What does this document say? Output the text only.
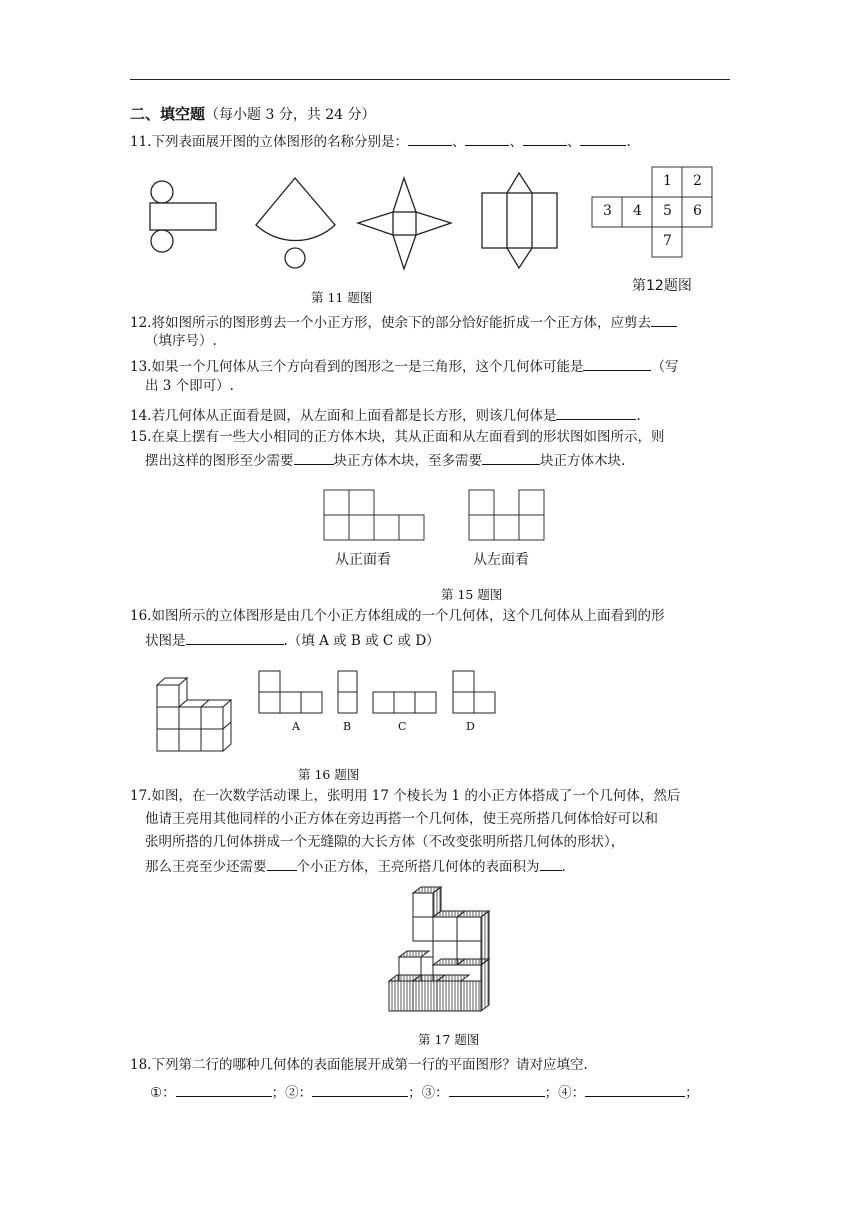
二、填空题（每小题 3 分，共 24 分）
11.下列表面展开图的立体图形的名称分别是：	、	、	、	.
第 11 题图
1 2
3 4 5 6
7
第12题图
12.将如图所示的图形剪去一个小正方形，使余下的部分恰好能折成一个正方体，应剪去
（填序号）.
13.如果一个几何体从三个方向看到的图形之一是三角形，这个几何体可能是	（写
出 3 个即可）.
14.若几何体从正面看是圆，从左面和上面看都是长方形，则该几何体是	.
15.在桌上摆有一些大小相同的正方体木块，其从正面和从左面看到的形状图如图所示，则
摆出这样的图形至少需要	块正方体木块，至多需要	块正方体木块.
从正面看	从左面看
第 15 题图
16.如图所示的立体图形是由几个小正方体组成的一个几何体，这个几何体从上面看到的形
状图是	.（填 A 或 B 或 C 或 D）
A	B	C	D
第 16 题图
17.如图，在一次数学活动课上，张明用 17 个棱长为 1 的小正方体搭成了一个几何体，然后
他请王亮用其他同样的小正方体在旁边再搭一个几何体，使王亮所搭几何体恰好可以和
张明所搭的几何体拼成一个无缝隙的大长方体（不改变张明所搭几何体的形状），
那么王亮至少还需要 个小正方体，王亮所搭几何体的表面积为 .
第 17 题图
18.下列第二行的哪种几何体的表面能展开成第一行的平面图形？请对应填空.
①：	；②：	；③：	；④：	；
